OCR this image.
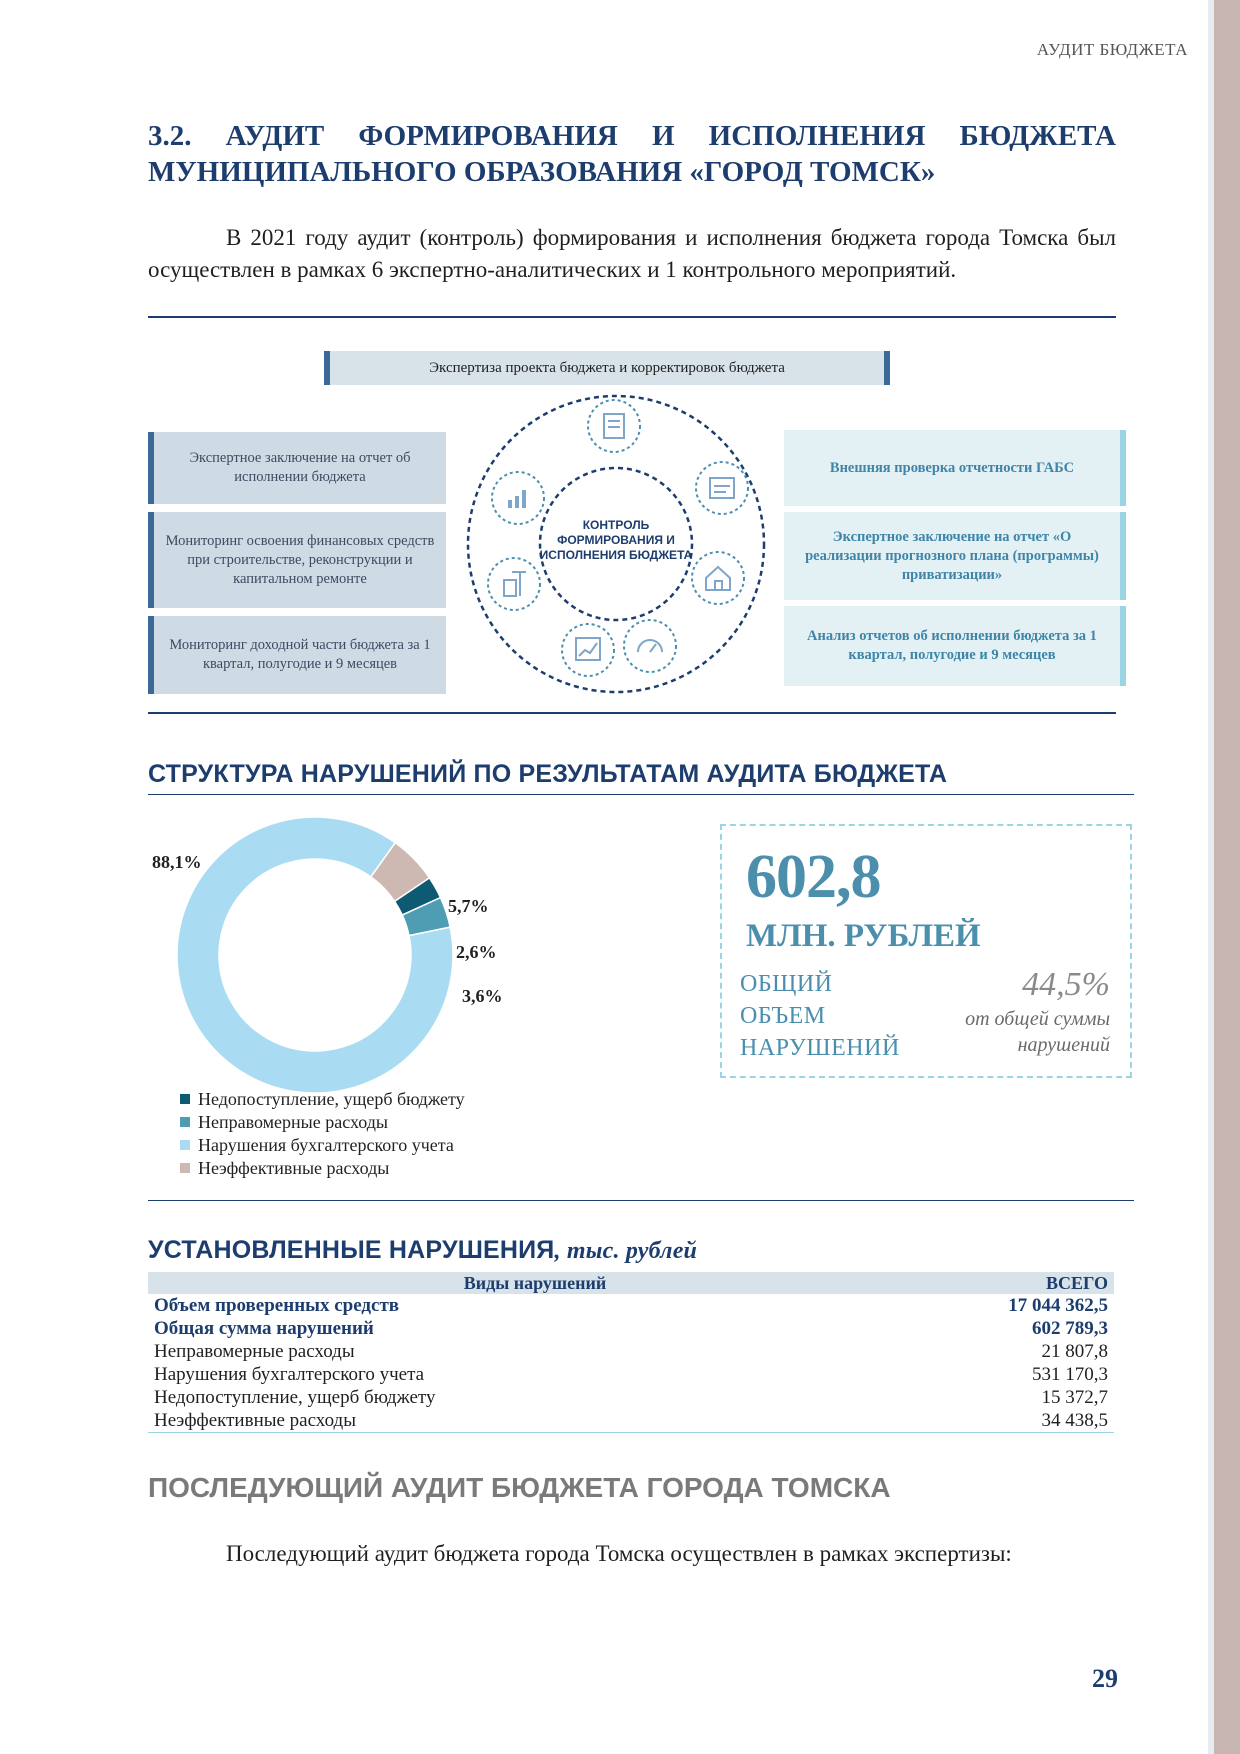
АУДИТ БЮДЖЕТА
3.2. АУДИТ ФОРМИРОВАНИЯ И ИСПОЛНЕНИЯ БЮДЖЕТА
МУНИЦИПАЛЬНОГО ОБРАЗОВАНИЯ «ГОРОД ТОМСК»
В 2021 году аудит (контроль) формирования и исполнения бюджета города Томска был осуществлен в рамках 6 экспертно-аналитических и 1 контрольного мероприятий.
Экспертиза проекта бюджета и корректировок бюджета
Экспертное заключение на отчет об исполнении бюджета
Мониторинг освоения финансовых средств при строительстве, реконструкции и капитальном ремонте
Мониторинг доходной части бюджета за 1 квартал, полугодие и 9 месяцев
Внешняя проверка отчетности ГАБС
Экспертное заключение на отчет «О реализации прогнозного плана (программы) приватизации»
Анализ отчетов об исполнении бюджета за 1 квартал, полугодие и 9 месяцев
КОНТРОЛЬ ФОРМИРОВАНИЯ И ИСПОЛНЕНИЯ БЮДЖЕТА
СТРУКТУРА НАРУШЕНИЙ ПО РЕЗУЛЬТАТАМ АУДИТА БЮДЖЕТА
88,1%
5,7%
2,6%
3,6%
Недопоступление, ущерб бюджету
Неправомерные расходы
Нарушения бухгалтерского учета
Неэффективные расходы
602,8
МЛН. РУБЛЕЙ
ОБЩИЙ
ОБЪЕМ
НАРУШЕНИЙ
44,5%
от общей суммы
нарушений
УСТАНОВЛЕННЫЕ НАРУШЕНИЯ, тыс. рублей
Виды нарушений	ВСЕГО
Объем проверенных средств	17 044 362,5
Общая сумма нарушений	602 789,3
Неправомерные расходы	21 807,8
Нарушения бухгалтерского учета	531 170,3
Недопоступление, ущерб бюджету	15 372,7
Неэффективные расходы	34 438,5
ПОСЛЕДУЮЩИЙ АУДИТ БЮДЖЕТА ГОРОДА ТОМСКА
Последующий аудит бюджета города Томска осуществлен в рамках экспертизы:
29
